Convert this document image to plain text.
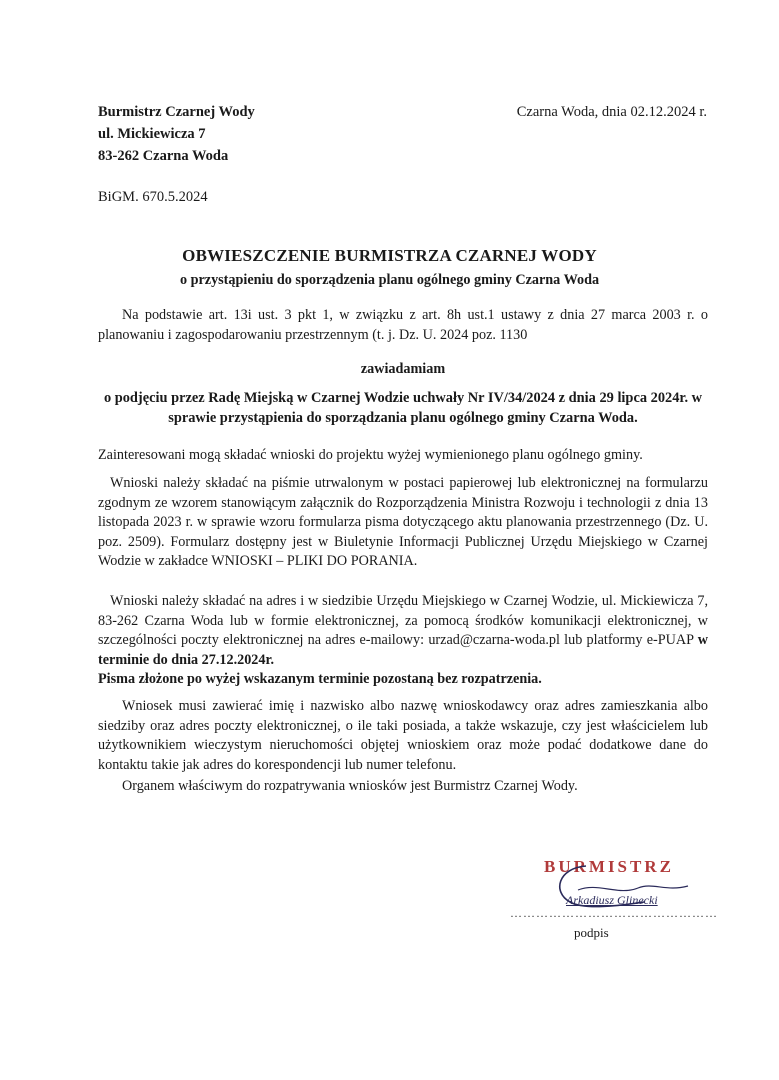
Burmistrz Czarnej Wody
ul. Mickiewicza 7
83-262 Czarna Woda
Czarna Woda, dnia 02.12.2024 r.
BiGM. 670.5.2024
OBWIESZCZENIE BURMISTRZA CZARNEJ WODY
o przystąpieniu do sporządzenia planu ogólnego gminy Czarna Woda
Na podstawie art. 13i ust. 3 pkt 1, w związku z art. 8h ust.1 ustawy z dnia 27 marca 2003 r. o planowaniu i zagospodarowaniu przestrzennym (t. j. Dz. U. 2024 poz. 1130
zawiadamiam
o podjęciu przez Radę Miejską w Czarnej Wodzie uchwały Nr IV/34/2024 z dnia 29 lipca 2024r. w sprawie przystąpienia do sporządzania planu ogólnego gminy Czarna Woda.
Zainteresowani mogą składać wnioski do projektu wyżej wymienionego planu ogólnego gminy.
Wnioski należy składać na piśmie utrwalonym w postaci papierowej lub elektronicznej na formularzu zgodnym ze wzorem stanowiącym załącznik do Rozporządzenia Ministra Rozwoju i technologii z dnia 13 listopada 2023 r. w sprawie wzoru formularza pisma dotyczącego aktu planowania przestrzennego (Dz. U. poz. 2509). Formularz dostępny jest w Biuletynie Informacji Publicznej Urzędu Miejskiego w Czarnej Wodzie w zakładce WNIOSKI – PLIKI DO PORANIA.
Wnioski należy składać na adres i w siedzibie Urzędu Miejskiego w Czarnej Wodzie, ul. Mickiewicza 7, 83-262 Czarna Woda lub w formie elektronicznej, za pomocą środków komunikacji elektronicznej, w szczególności poczty elektronicznej na adres e-mailowy: urzad@czarna-woda.pl lub platformy e-PUAP w terminie do dnia 27.12.2024r.
Pisma złożone po wyżej wskazanym terminie pozostaną bez rozpatrzenia.
Wniosek musi zawierać imię i nazwisko albo nazwę wnioskodawcy oraz adres zamieszkania albo siedziby oraz adres poczty elektronicznej, o ile taki posiada, a także wskazuje, czy jest właścicielem lub użytkownikiem wieczystym nieruchomości objętej wnioskiem oraz może podać dodatkowe dane do kontaktu takie jak adres do korespondencji lub numer telefonu.
Organem właściwym do rozpatrywania wniosków jest Burmistrz Czarnej Wody.
BURMISTRZ
Arkadiusz Glinecki
…………………………………………
podpis
